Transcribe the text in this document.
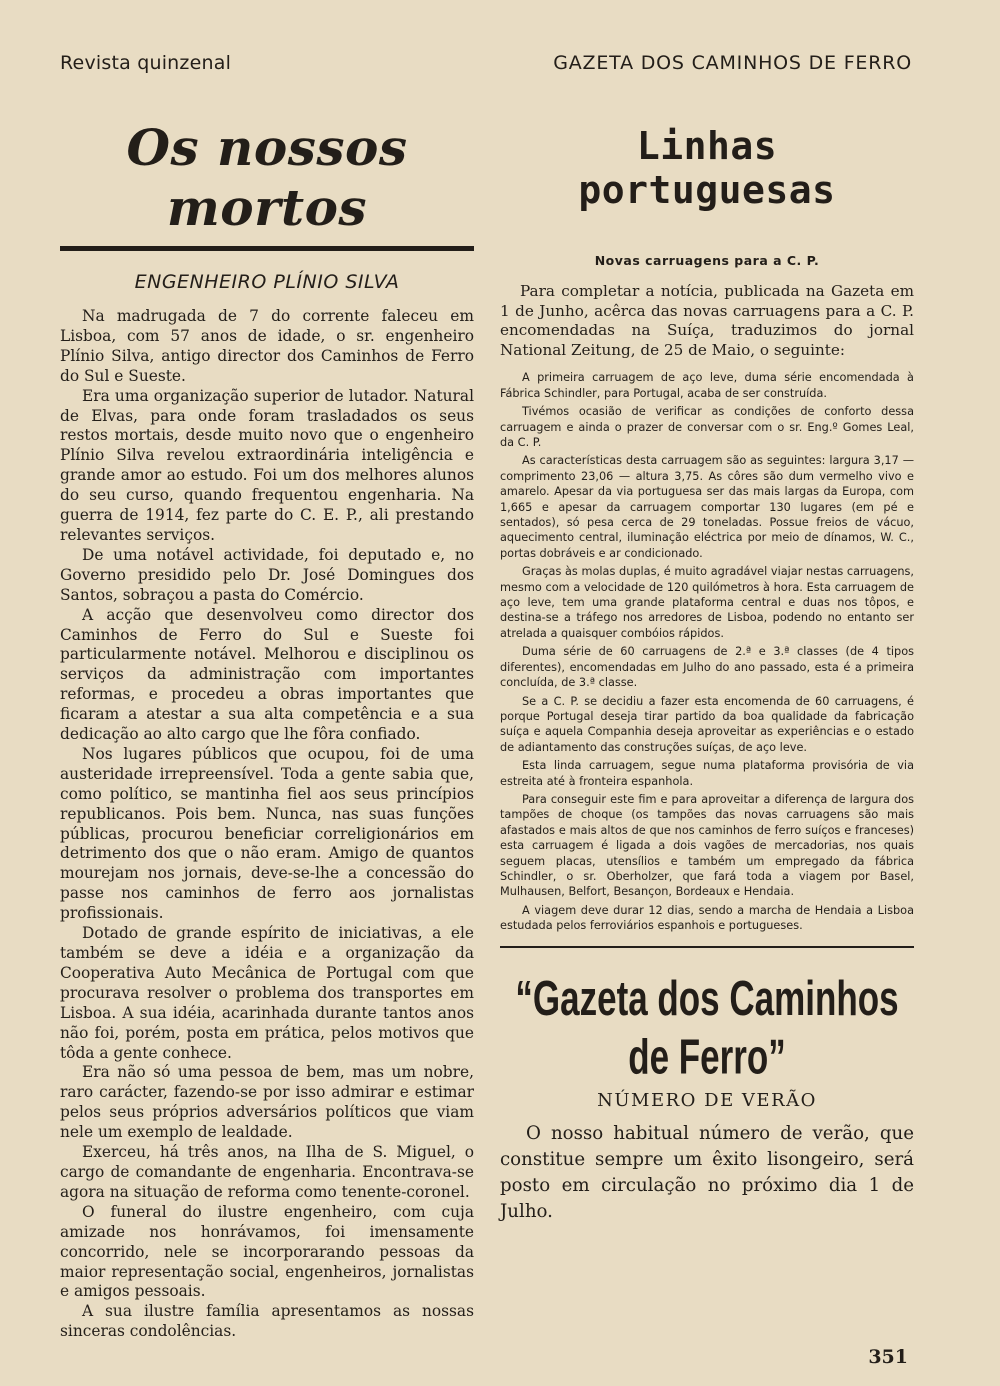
Revista quinzenal	GAZETA DOS CAMINHOS DE FERRO
Os nossos mortos
ENGENHEIRO PLÍNIO SILVA

Na madrugada de 7 do corrente faleceu em Lisboa, com 57 anos de idade, o sr. engenheiro Plínio Silva, antigo director dos Caminhos de Ferro do Sul e Sueste.

Era uma organização superior de lutador. Natural de Elvas, para onde foram trasladados os seus restos mortais, desde muito novo que o engenheiro Plínio Silva revelou extraordinária inteligência e grande amor ao estudo. Foi um dos melhores alunos do seu curso, quando frequentou engenharia. Na guerra de 1914, fez parte do C. E. P., ali prestando relevantes serviços.

De uma notável actividade, foi deputado e, no Governo presidido pelo Dr. José Domingues dos Santos, sobraçou a pasta do Comércio.

A acção que desenvolveu como director dos Caminhos de Ferro do Sul e Sueste foi particularmente notável. Melhorou e disciplinou os serviços da administração com importantes reformas, e procedeu a obras importantes que ficaram a atestar a sua alta competência e a sua dedicação ao alto cargo que lhe fôra confiado.

Nos lugares públicos que ocupou, foi de uma austeridade irrepreensível. Toda a gente sabia que, como político, se mantinha fiel aos seus princípios republicanos. Pois bem. Nunca, nas suas funções públicas, procurou beneficiar correligionários em detrimento dos que o não eram. Amigo de quantos mourejam nos jornais, deve-se-lhe a concessão do passe nos caminhos de ferro aos jornalistas profissionais.

Dotado de grande espírito de iniciativas, a ele também se deve a idéia e a organização da Cooperativa Auto Mecânica de Portugal com que procurava resolver o problema dos transportes em Lisboa. A sua idéia, acarinhada durante tantos anos não foi, porém, posta em prática, pelos motivos que tôda a gente conhece.

Era não só uma pessoa de bem, mas um nobre, raro carácter, fazendo-se por isso admirar e estimar pelos seus próprios adversários políticos que viam nele um exemplo de lealdade.

Exerceu, há três anos, na Ilha de S. Miguel, o cargo de comandante de engenharia. Encontrava-se agora na situação de reforma como tenente-coronel.

O funeral do ilustre engenheiro, com cuja amizade nos honrávamos, foi imensamente concorrido, nele se incorporarando pessoas da maior representação social, engenheiros, jornalistas e amigos pessoais.

A sua ilustre família apresentamos as nossas sinceras condolências.

Linhas portuguesas
Novas carruagens para a C. P.

Para completar a notícia, publicada na Gazeta em 1 de Junho, acêrca das novas carruagens para a C. P. encomendadas na Suíça, traduzimos do jornal National Zeitung, de 25 de Maio, o seguinte:

A primeira carruagem de aço leve, duma série encomendada à Fábrica Schindler, para Portugal, acaba de ser construída.

Tivémos ocasião de verificar as condições de conforto dessa carruagem e ainda o prazer de conversar com o sr. Eng.º Gomes Leal, da C. P.

As características desta carruagem são as seguintes: largura 3,17 — comprimento 23,06 — altura 3,75. As côres são dum vermelho vivo e amarelo. Apesar da via portuguesa ser das mais largas da Europa, com 1,665 e apesar da carruagem comportar 130 lugares (em pé e sentados), só pesa cerca de 29 toneladas. Possue freios de vácuo, aquecimento central, iluminação eléctrica por meio de dínamos, W. C., portas dobráveis e ar condicionado.

Graças às molas duplas, é muito agradável viajar nestas carruagens, mesmo com a velocidade de 120 quilómetros à hora. Esta carruagem de aço leve, tem uma grande plataforma central e duas nos tôpos, e destina-se a tráfego nos arredores de Lisboa, podendo no entanto ser atrelada a quaisquer combóios rápidos.

Duma série de 60 carruagens de 2.ª e 3.ª classes (de 4 tipos diferentes), encomendadas em Julho do ano passado, esta é a primeira concluída, de 3.ª classe.

Se a C. P. se decidiu a fazer esta encomenda de 60 carruagens, é porque Portugal deseja tirar partido da boa qualidade da fabricação suíça e aquela Companhia deseja aproveitar as experiências e o estado de adiantamento das construções suíças, de aço leve.

Esta linda carruagem, segue numa plataforma provisória de via estreita até à fronteira espanhola.

Para conseguir este fim e para aproveitar a diferença de largura dos tampões de choque (os tampões das novas carruagens são mais afastados e mais altos de que nos caminhos de ferro suíços e franceses) esta carruagem é ligada a dois vagões de mercadorias, nos quais seguem placas, utensílios e também um empregado da fábrica Schindler, o sr. Oberholzer, que fará toda a viagem por Basel, Mulhausen, Belfort, Besançon, Bordeaux e Hendaia.

A viagem deve durar 12 dias, sendo a marcha de Hendaia a Lisboa estudada pelos ferroviários espanhois e portugueses.

“Gazeta dos Caminhos de Ferro”
NÚMERO DE VERÃO

O nosso habitual número de verão, que constitue sempre um êxito lisongeiro, será posto em circulação no próximo dia 1 de Julho.

351
